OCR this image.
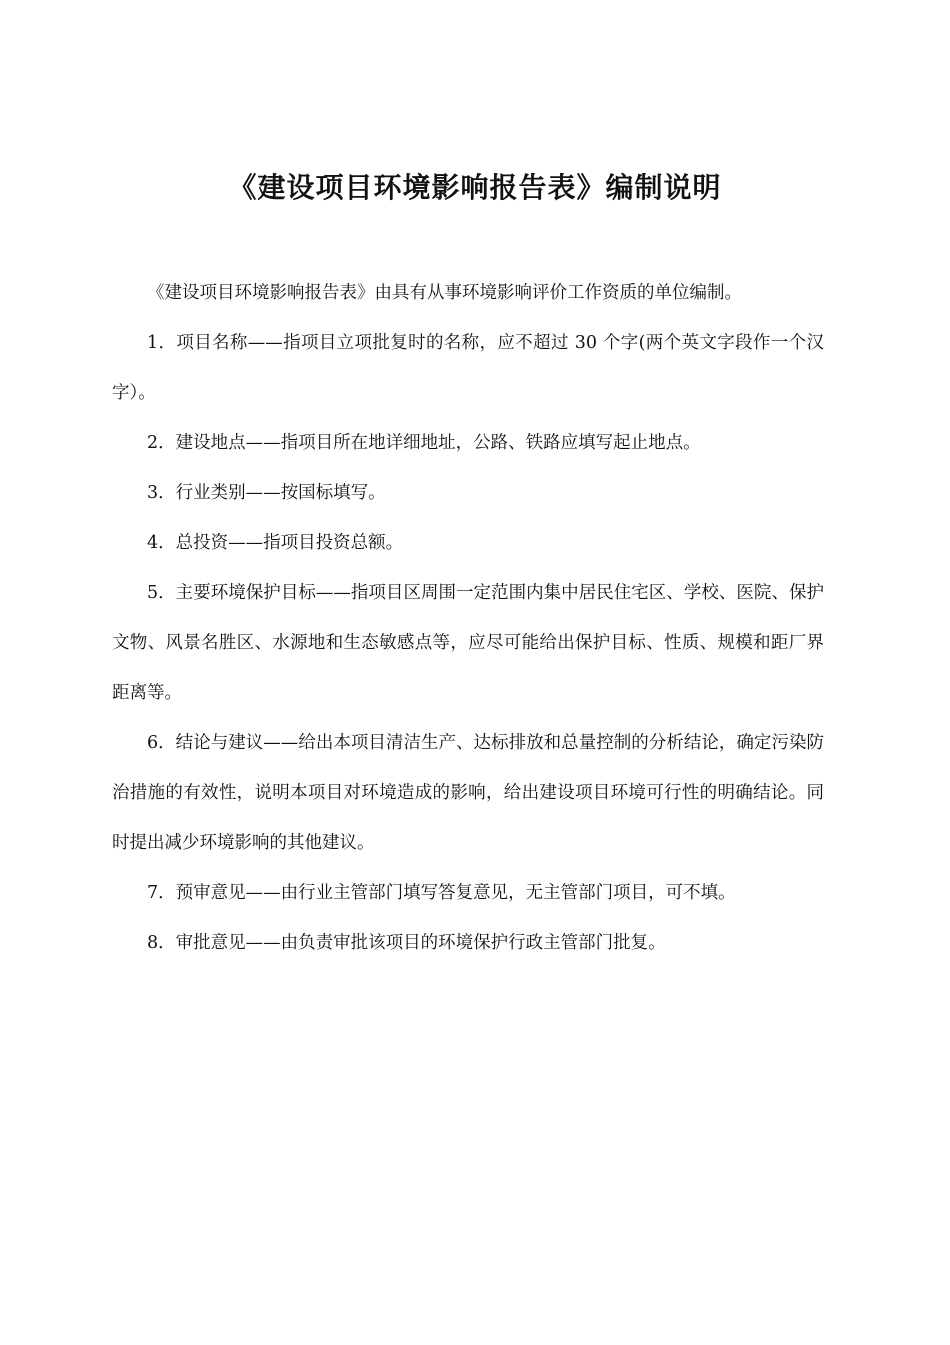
《建设项目环境影响报告表》编制说明

《建设项目环境影响报告表》由具有从事环境影响评价工作资质的单位编制。

1．项目名称——指项目立项批复时的名称，应不超过 30 个字(两个英文字段作一个汉字）。

2．建设地点——指项目所在地详细地址，公路、铁路应填写起止地点。

3．行业类别——按国标填写。

4．总投资——指项目投资总额。

5．主要环境保护目标——指项目区周围一定范围内集中居民住宅区、学校、医院、保护文物、风景名胜区、水源地和生态敏感点等，应尽可能给出保护目标、性质、规模和距厂界距离等。

6．结论与建议——给出本项目清洁生产、达标排放和总量控制的分析结论，确定污染防治措施的有效性，说明本项目对环境造成的影响，给出建设项目环境可行性的明确结论。同时提出减少环境影响的其他建议。

7．预审意见——由行业主管部门填写答复意见，无主管部门项目，可不填。

8．审批意见——由负责审批该项目的环境保护行政主管部门批复。
